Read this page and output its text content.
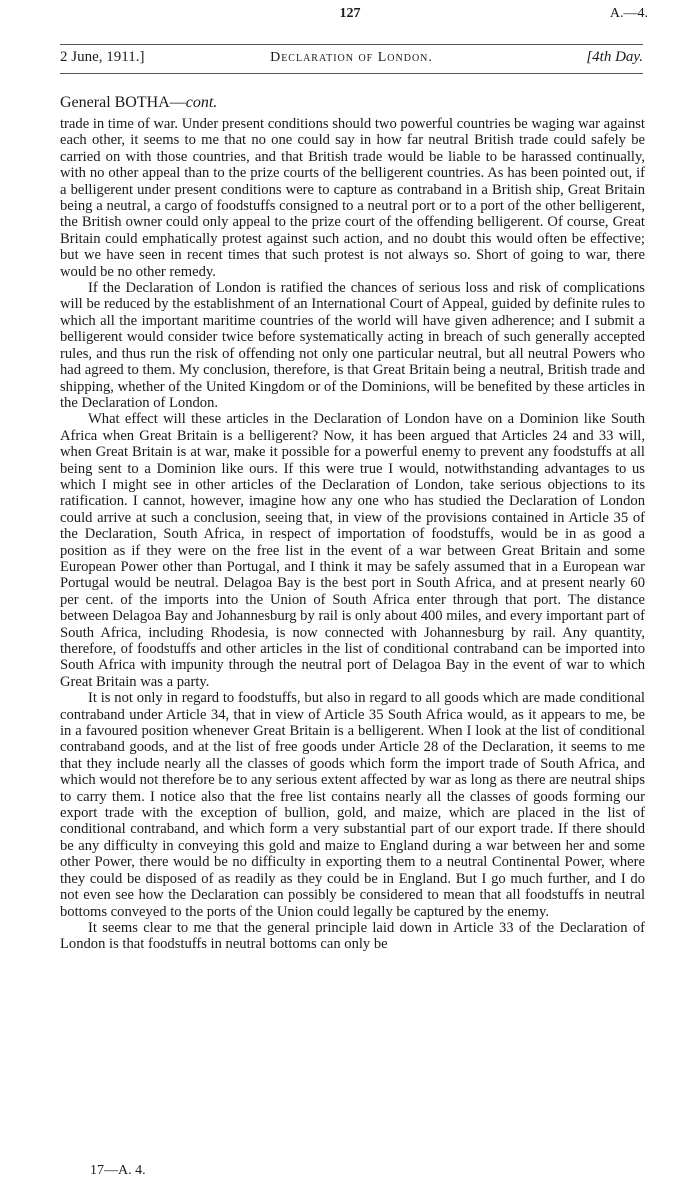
127	A.—4.
2 June, 1911.]	Declaration of London.	[4th Day.
General BOTHA—cont.

trade in time of war. Under present conditions should two powerful countries be waging war against each other, it seems to me that no one could say in how far neutral British trade could safely be carried on with those countries, and that British trade would be liable to be harassed continually, with no other appeal than to the prize courts of the belligerent countries. As has been pointed out, if a belligerent under present conditions were to capture as contraband in a British ship, Great Britain being a neutral, a cargo of foodstuffs consigned to a neutral port or to a port of the other belligerent, the British owner could only appeal to the prize court of the offending belligerent. Of course, Great Britain could emphatically protest against such action, and no doubt this would often be effective; but we have seen in recent times that such protest is not always so. Short of going to war, there would be no other remedy.

If the Declaration of London is ratified the chances of serious loss and risk of complications will be reduced by the establishment of an International Court of Appeal, guided by definite rules to which all the important maritime countries of the world will have given adherence; and I submit a belligerent would consider twice before systematically acting in breach of such generally accepted rules, and thus run the risk of offending not only one particular neutral, but all neutral Powers who had agreed to them. My conclusion, therefore, is that Great Britain being a neutral, British trade and shipping, whether of the United Kingdom or of the Dominions, will be benefited by these articles in the Declaration of London.

What effect will these articles in the Declaration of London have on a Dominion like South Africa when Great Britain is a belligerent? Now, it has been argued that Articles 24 and 33 will, when Great Britain is at war, make it possible for a powerful enemy to prevent any foodstuffs at all being sent to a Dominion like ours. If this were true I would, notwithstanding advantages to us which I might see in other articles of the Declaration of London, take serious objections to its ratification. I cannot, however, imagine how any one who has studied the Declaration of London could arrive at such a conclusion, seeing that, in view of the provisions contained in Article 35 of the Declaration, South Africa, in respect of importation of foodstuffs, would be in as good a position as if they were on the free list in the event of a war between Great Britain and some European Power other than Portugal, and I think it may be safely assumed that in a European war Portugal would be neutral. Delagoa Bay is the best port in South Africa, and at present nearly 60 per cent. of the imports into the Union of South Africa enter through that port. The distance between Delagoa Bay and Johannesburg by rail is only about 400 miles, and every important part of South Africa, including Rhodesia, is now connected with Johannesburg by rail. Any quantity, therefore, of foodstuffs and other articles in the list of conditional contraband can be imported into South Africa with impunity through the neutral port of Delagoa Bay in the event of war to which Great Britain was a party.

It is not only in regard to foodstuffs, but also in regard to all goods which are made conditional contraband under Article 34, that in view of Article 35 South Africa would, as it appears to me, be in a favoured position whenever Great Britain is a belligerent. When I look at the list of conditional contraband goods, and at the list of free goods under Article 28 of the Declaration, it seems to me that they include nearly all the classes of goods which form the import trade of South Africa, and which would not therefore be to any serious extent affected by war as long as there are neutral ships to carry them. I notice also that the free list contains nearly all the classes of goods forming our export trade with the exception of bullion, gold, and maize, which are placed in the list of conditional contraband, and which form a very substantial part of our export trade. If there should be any difficulty in conveying this gold and maize to England during a war between her and some other Power, there would be no difficulty in exporting them to a neutral Continental Power, where they could be disposed of as readily as they could be in England. But I go much further, and I do not even see how the Declaration can possibly be considered to mean that all foodstuffs in neutral bottoms conveyed to the ports of the Union could legally be captured by the enemy.

It seems clear to me that the general principle laid down in Article 33 of the Declaration of London is that foodstuffs in neutral bottoms can only be

17—A. 4.
